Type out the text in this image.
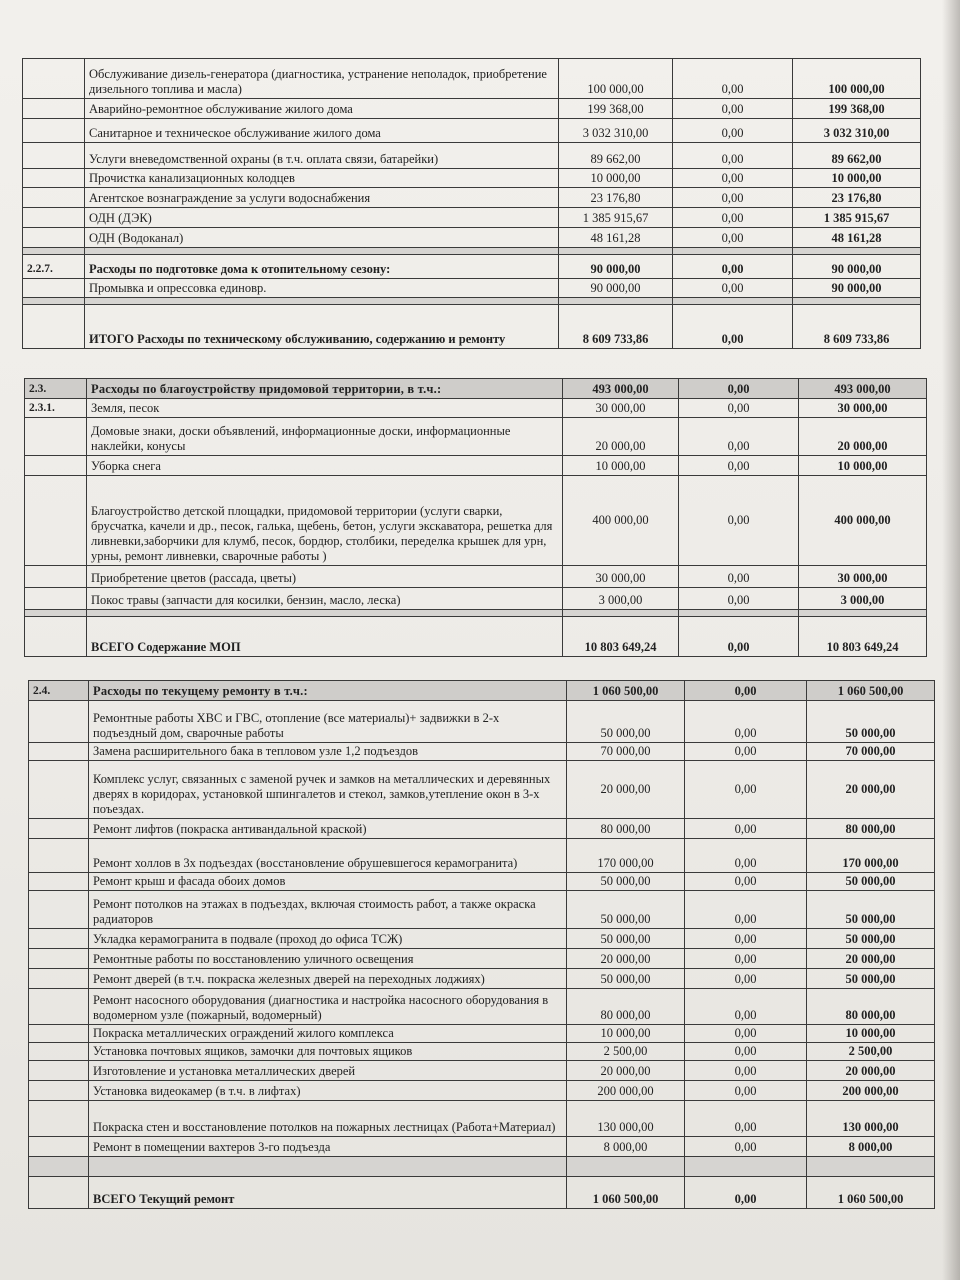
	Обслуживание дизель-генератора (диагностика, устранение неполадок, приобретение дизельного топлива и масла)	100 000,00	0,00	100 000,00
	Аварийно-ремонтное обслуживание жилого дома	199 368,00	0,00	199 368,00
	Санитарное и техническое обслуживание жилого дома	3 032 310,00	0,00	3 032 310,00
	Услуги вневедомственной охраны (в т.ч. оплата связи, батарейки)	89 662,00	0,00	89 662,00
	Прочистка канализационных колодцев	10 000,00	0,00	10 000,00
	Агентское вознаграждение за услуги водоснабжения	23 176,80	0,00	23 176,80
	ОДН (ДЭК)	1 385 915,67	0,00	1 385 915,67
	ОДН (Водоканал)	48 161,28	0,00	48 161,28

2.2.7.	Расходы по подготовке дома к отопительному сезону:	90 000,00	0,00	90 000,00
	Промывка и опрессовка единовр.	90 000,00	0,00	90 000,00

	ИТОГО Расходы по техническому обслуживанию, содержанию и ремонту	8 609 733,86	0,00	8 609 733,86
2.3.	Расходы по благоустройству придомовой территории, в т.ч.:	493 000,00	0,00	493 000,00
2.3.1.	Земля, песок	30 000,00	0,00	30 000,00
	Домовые знаки, доски объявлений, информационные доски, информационные наклейки, конусы	20 000,00	0,00	20 000,00
	Уборка снега	10 000,00	0,00	10 000,00
	Благоустройство детской площадки, придомовой территории (услуги сварки, брусчатка, качели и др., песок, галька, щебень, бетон, услуги экскаватора, решетка для ливневки,заборчики для клумб, песок, бордюр, столбики, переделка крышек для урн, урны, ремонт ливневки, сварочные работы )	400 000,00	0,00	400 000,00
	Приобретение цветов (рассада, цветы)	30 000,00	0,00	30 000,00
	Покос травы (запчасти для косилки, бензин, масло, леска)	3 000,00	0,00	3 000,00

	ВСЕГО Содержание МОП	10 803 649,24	0,00	10 803 649,24
2.4.	Расходы по текущему ремонту в т.ч.:	1 060 500,00	0,00	1 060 500,00
	Ремонтные работы ХВС и ГВС, отопление (все материалы)+ задвижки в 2-х подъездный дом, сварочные работы	50 000,00	0,00	50 000,00
	Замена расширительного бака в тепловом узле 1,2 подъездов	70 000,00	0,00	70 000,00
	Комплекс услуг, связанных с заменой ручек и замков на металлических и деревянных дверях в коридорах, установкой шпингалетов и стекол, замков,утепление окон в 3-х поъездах.	20 000,00	0,00	20 000,00
	Ремонт лифтов (покраска антивандальной краской)	80 000,00	0,00	80 000,00
	Ремонт холлов в 3х подъездах (восстановление обрушевшегося керамогранита)	170 000,00	0,00	170 000,00
	Ремонт крыш и фасада обоих домов	50 000,00	0,00	50 000,00
	Ремонт потолков на этажах в подъездах, включая стоимость работ, а также окраска радиаторов	50 000,00	0,00	50 000,00
	Укладка керамогранита в подвале (проход до офиса ТСЖ)	50 000,00	0,00	50 000,00
	Ремонтные работы по восстановлению уличного освещения	20 000,00	0,00	20 000,00
	Ремонт дверей (в т.ч. покраска железных дверей на переходных лоджиях)	50 000,00	0,00	50 000,00
	Ремонт насосного оборудования (диагностика и настройка насосного оборудования в водомерном узле (пожарный, водомерный)	80 000,00	0,00	80 000,00
	Покраска металлических ограждений жилого комплекса	10 000,00	0,00	10 000,00
	Установка почтовых ящиков, замочки для почтовых ящиков	2 500,00	0,00	2 500,00
	Изготовление и установка металлических дверей	20 000,00	0,00	20 000,00
	Установка видеокамер (в т.ч. в лифтах)	200 000,00	0,00	200 000,00
	Покраска стен и восстановление потолков на пожарных лестницах (Работа+Материал)	130 000,00	0,00	130 000,00
	Ремонт в помещении вахтеров 3-го подъезда	8 000,00	0,00	8 000,00

	ВСЕГО Текущий ремонт	1 060 500,00	0,00	1 060 500,00
